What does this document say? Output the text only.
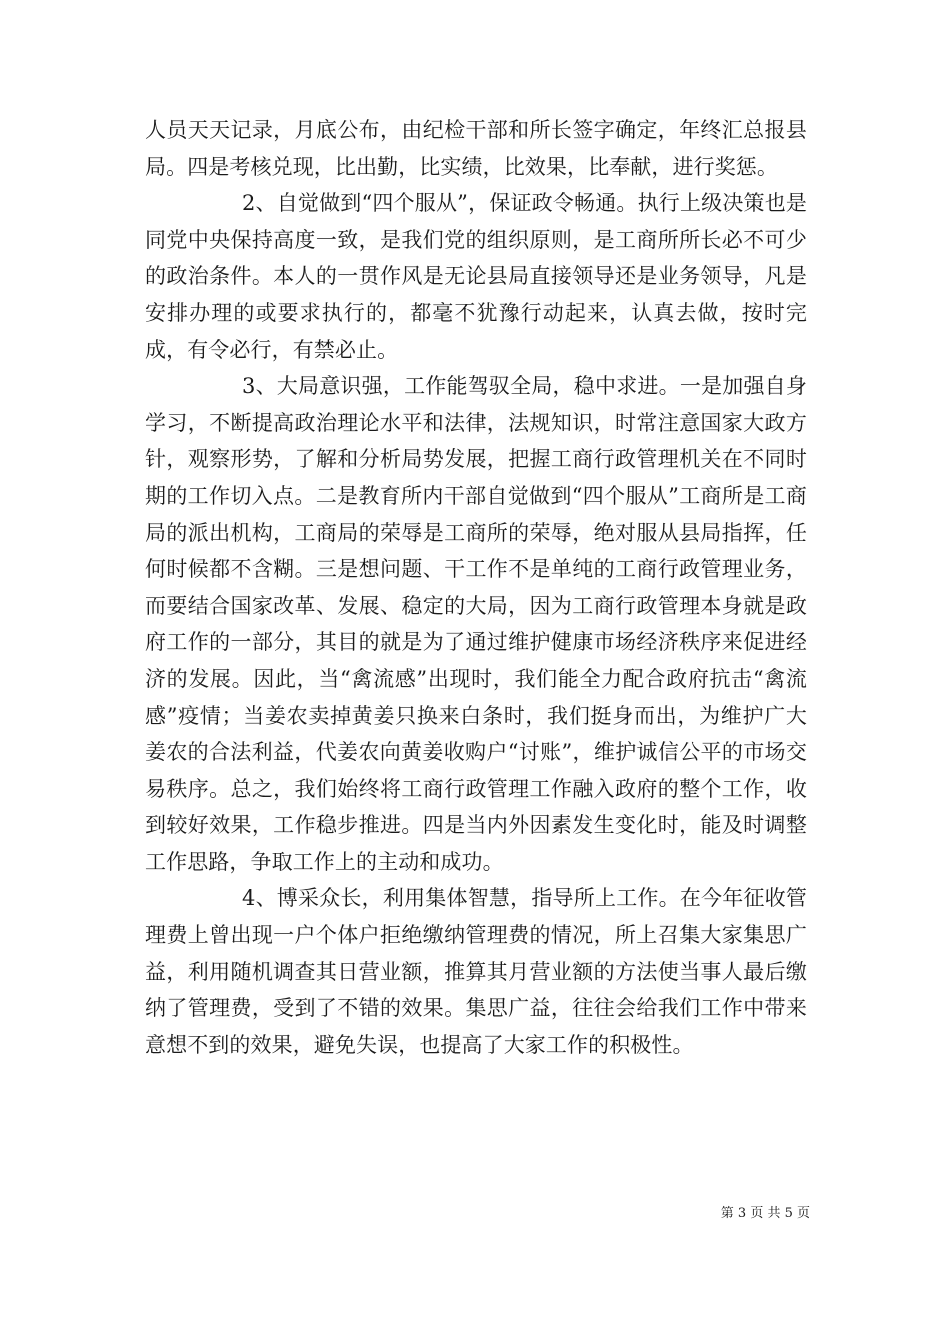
人员天天记录，月底公布，由纪检干部和所长签字确定，年终汇总报县局。四是考核兑现，比出勤，比实绩，比效果，比奉献，进行奖惩。

2、自觉做到“四个服从”，保证政令畅通。执行上级决策也是同党中央保持高度一致，是我们党的组织原则，是工商所所长必不可少的政治条件。本人的一贯作风是无论县局直接领导还是业务领导，凡是安排办理的或要求执行的，都毫不犹豫行动起来，认真去做，按时完成，有令必行，有禁必止。

3、大局意识强，工作能驾驭全局，稳中求进。一是加强自身学习，不断提高政治理论水平和法律，法规知识，时常注意国家大政方针，观察形势，了解和分析局势发展，把握工商行政管理机关在不同时期的工作切入点。二是教育所内干部自觉做到“四个服从”工商所是工商局的派出机构，工商局的荣辱是工商所的荣辱，绝对服从县局指挥，任何时候都不含糊。三是想问题、干工作不是单纯的工商行政管理业务，而要结合国家改革、发展、稳定的大局，因为工商行政管理本身就是政府工作的一部分，其目的就是为了通过维护健康市场经济秩序来促进经济的发展。因此，当“禽流感”出现时，我们能全力配合政府抗击“禽流感”疫情；当姜农卖掉黄姜只换来白条时，我们挺身而出，为维护广大姜农的合法利益，代姜农向黄姜收购户“讨账”，维护诚信公平的市场交易秩序。总之，我们始终将工商行政管理工作融入政府的整个工作，收到较好效果，工作稳步推进。四是当内外因素发生变化时，能及时调整工作思路，争取工作上的主动和成功。

4、博采众长，利用集体智慧，指导所上工作。在今年征收管理费上曾出现一户个体户拒绝缴纳管理费的情况，所上召集大家集思广益，利用随机调查其日营业额，推算其月营业额的方法使当事人最后缴纳了管理费，受到了不错的效果。集思广益，往往会给我们工作中带来意想不到的效果，避免失误，也提高了大家工作的积极性。

第 3 页 共 5 页
